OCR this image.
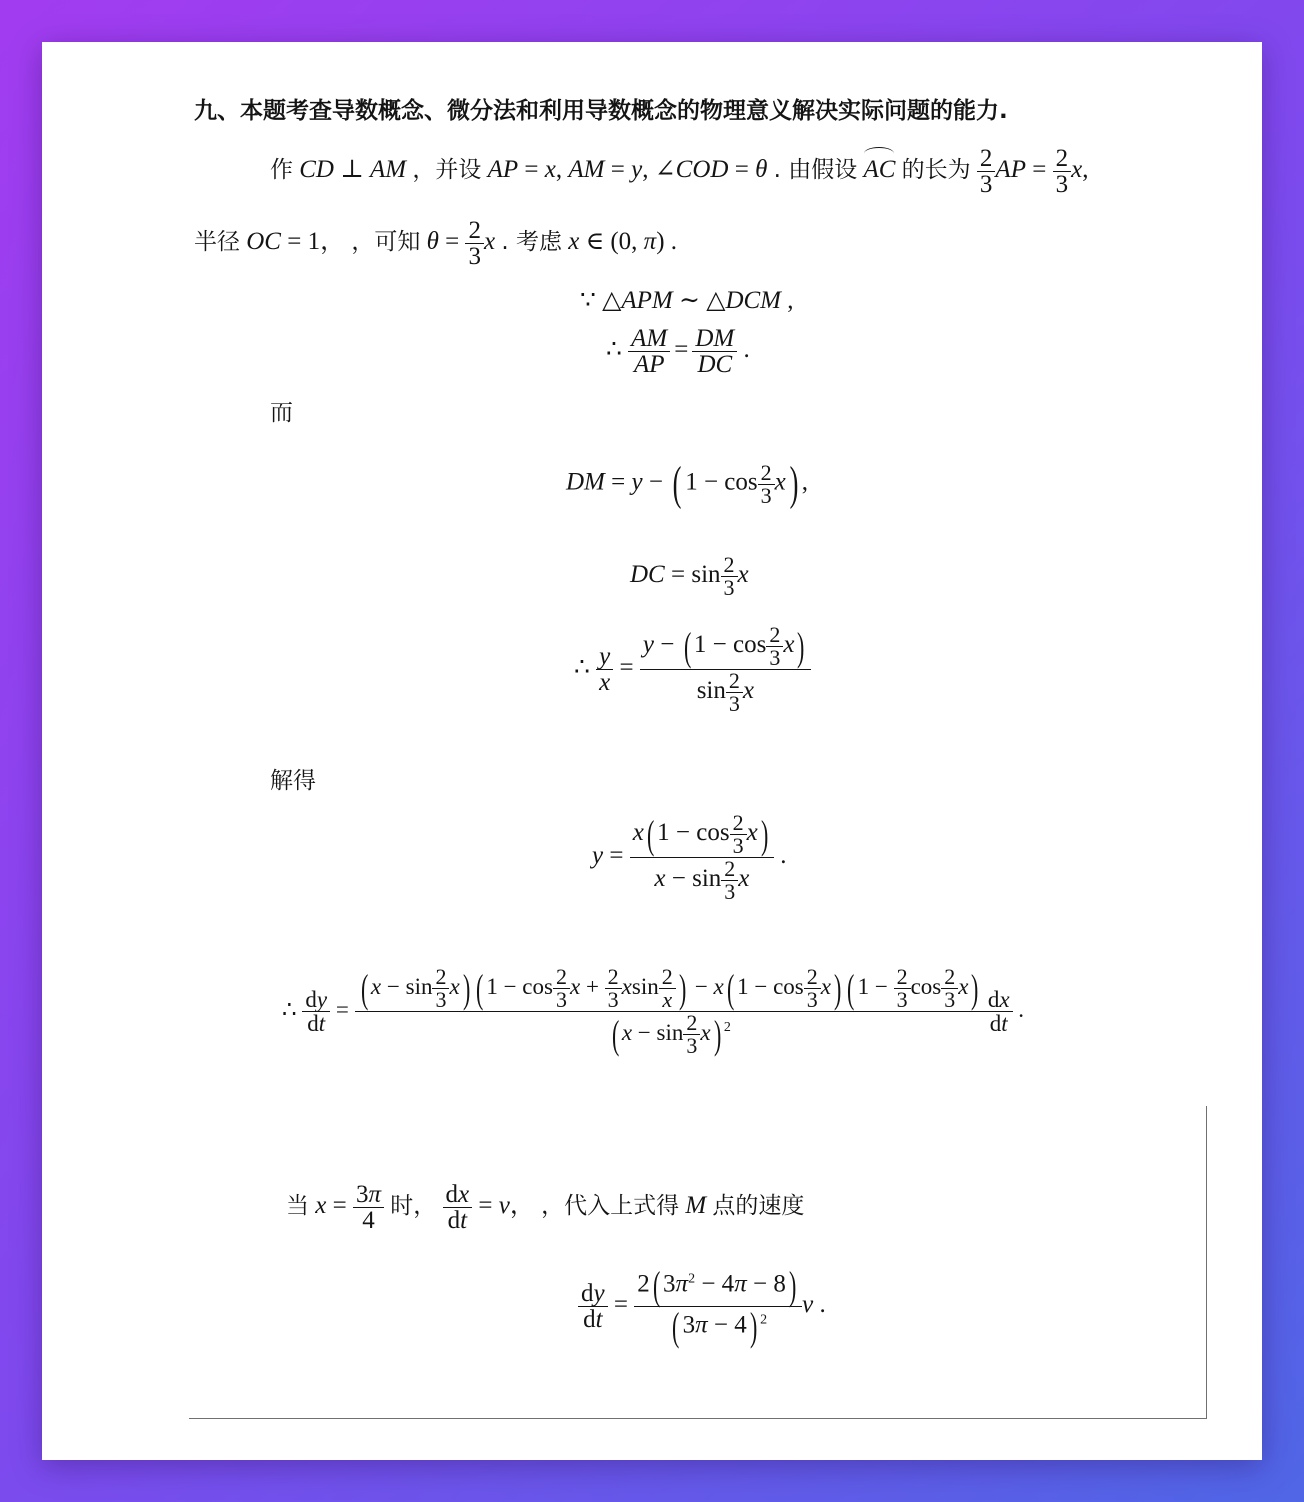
九、本题考查导数概念、微分法和利用导数概念的物理意义解决实际问题的能力.
作 CD ⊥ AM ，并设 AP = x, AM = y, ∠COD = θ . 由假设 AC 的长为 $\frac{2}{3}$ AP = $\frac{2}{3} x$,
半径 OC = 1， ，可知 $\theta = \frac{2}{3}$ x . 考虑 x ∈ (0, π) .
∵ △APM ∼ △DCM ,
∴ $\frac{AM}{AP} = \frac{DM}{DC}$ .
而
DM = y − ( $1 - \cos \frac{2}{3} x$) ,
DC = $\sin \frac{2}{3}$ x
∴ $\frac{y}{x} = \frac{y - ( 1 - \cos \frac{2}{3} x)}{\sin \frac{2}{3} x}$
解得
$y = \frac{x( 1 - \cos \frac{2}{3} x)}{x - \sin \frac{2}{3} x}$ .
∴ $\frac{dy}{dt}$ = ( $x - \sin \frac{2}{3} x$) ( $1 - \cos \frac{2}{3}$ $x + \frac{2}{3}$ xsin $\frac{2}{x}$ ) − x( $1 - \cos \frac{2}{3} x$) ( $1 - \frac{2}{3}$ $\cos \frac{2}{3} x$)
( $x - \sin \frac{2}{3} x$) $^2$	$\frac{dx}{dt}$ .
当 $x = \frac{3\pi}{4}$ 时， $\frac{dx}{dt} = v$， ，代入上式得 M 点的速度
$\frac{dy}{dt} = \frac{2( 3\pi^2 - 4\pi - 8)}{( 3\pi - 4) ^2}$ v .
